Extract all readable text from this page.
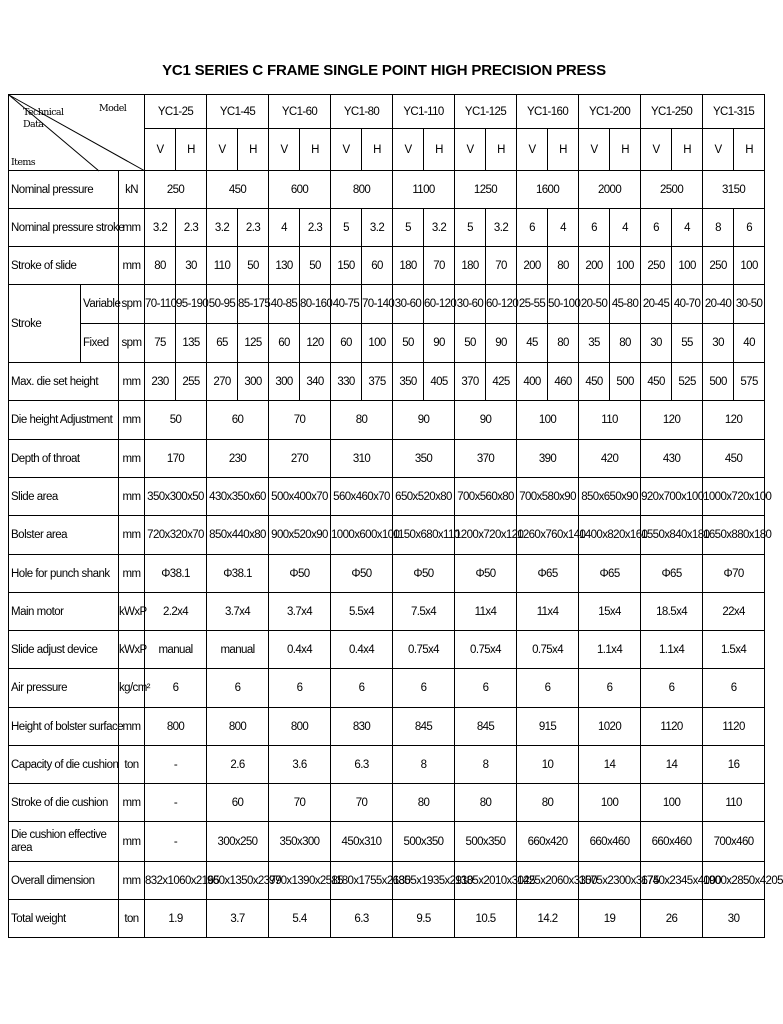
YC1 SERIES C FRAME SINGLE POINT HIGH PRECISION PRESS
Technical
Data
Model
Items			YC1-25		YC1-45		YC1-60		YC1-80		YC1-110		YC1-125		YC1-160		YC1-200		YC1-250		YC1-315	
			V	H	V	H	V	H	V	H	V	H	V	H	V	H	V	H	V	H	V	H
Nominal pressure		kN	250		450		600		800		1100		1250		1600		2000		2500		3150	
Nominal pressure stroke		mm	3.2	2.3	3.2	2.3	4	2.3	5	3.2	5	3.2	5	3.2	6	4	6	4	6	4	8	6
Stroke of slide		mm	80	30	110	50	130	50	150	60	180	70	180	70	200	80	200	100	250	100	250	100
Stroke	Variable	spm	70-110	95-190	50-95	85-175	40-85	80-160	40-75	70-140	30-60	60-120	30-60	60-120	25-55	50-100	20-50	45-80	20-45	40-70	20-40	30-50
	Fixed	spm	75	135	65	125	60	120	60	100	50	90	50	90	45	80	35	80	30	55	30	40
Max. die set height		mm	230	255	270	300	300	340	330	375	350	405	370	425	400	460	450	500	450	525	500	575
Die height Adjustment		mm	50		60		70		80		90		90		100		110		120		120	
Depth of throat		mm	170		230		270		310		350		370		390		420		430		450	
Slide area		mm	350x300x50		430x350x60		500x400x70		560x460x70		650x520x80		700x560x80		700x580x90		850x650x90		920x700x100		1000x720x100	
Bolster area		mm	720x320x70		850x440x80		900x520x90		1000x600x100		1150x680x110		1200x720x120		1260x760x140		1400x820x160		1550x840x180		1650x880x180	
Hole for punch shank		mm	Φ38.1		Φ38.1		Φ50		Φ50		Φ50		Φ50		Φ65		Φ65		Φ65		Φ70	
Main motor		kWxP	2.2x4		3.7x4		3.7x4		5.5x4		7.5x4		11x4		11x4		15x4		18.5x4		22x4	
Slide adjust device		kWxP	manual		manual		0.4x4		0.4x4		0.75x4		0.75x4		0.75x4		1.1x4		1.1x4		1.5x4	
Air pressure		kg/cm²	6		6		6		6		6		6		6		6		6		6	
Height of bolster surface		mm	800		800		800		830		845		845		915		1020		1120		1120	
Capacity of die cushion		ton	-		2.6		3.6		6.3		8		8		10		14		14		16	
Stroke of die cushion		mm	-		60		70		70		80		80		80		100		100		110	
Die cushion effective area		mm	-		300x250		350x300		450x310		500x350		500x350		660x420		660x460		660x460		700x460	
Overall dimension		mm	832x1060x2165		960x1350x2379		970x1390x2585		1180x1755x2685		1305x1935x2910		1385x2010x3025		1425x2060x3300		1575x2300x3675		1740x2345x4000		1900x2850x4205	
Total weight		ton	1.9		3.7		5.4		6.3		9.5		10.5		14.2		19		26		30	
